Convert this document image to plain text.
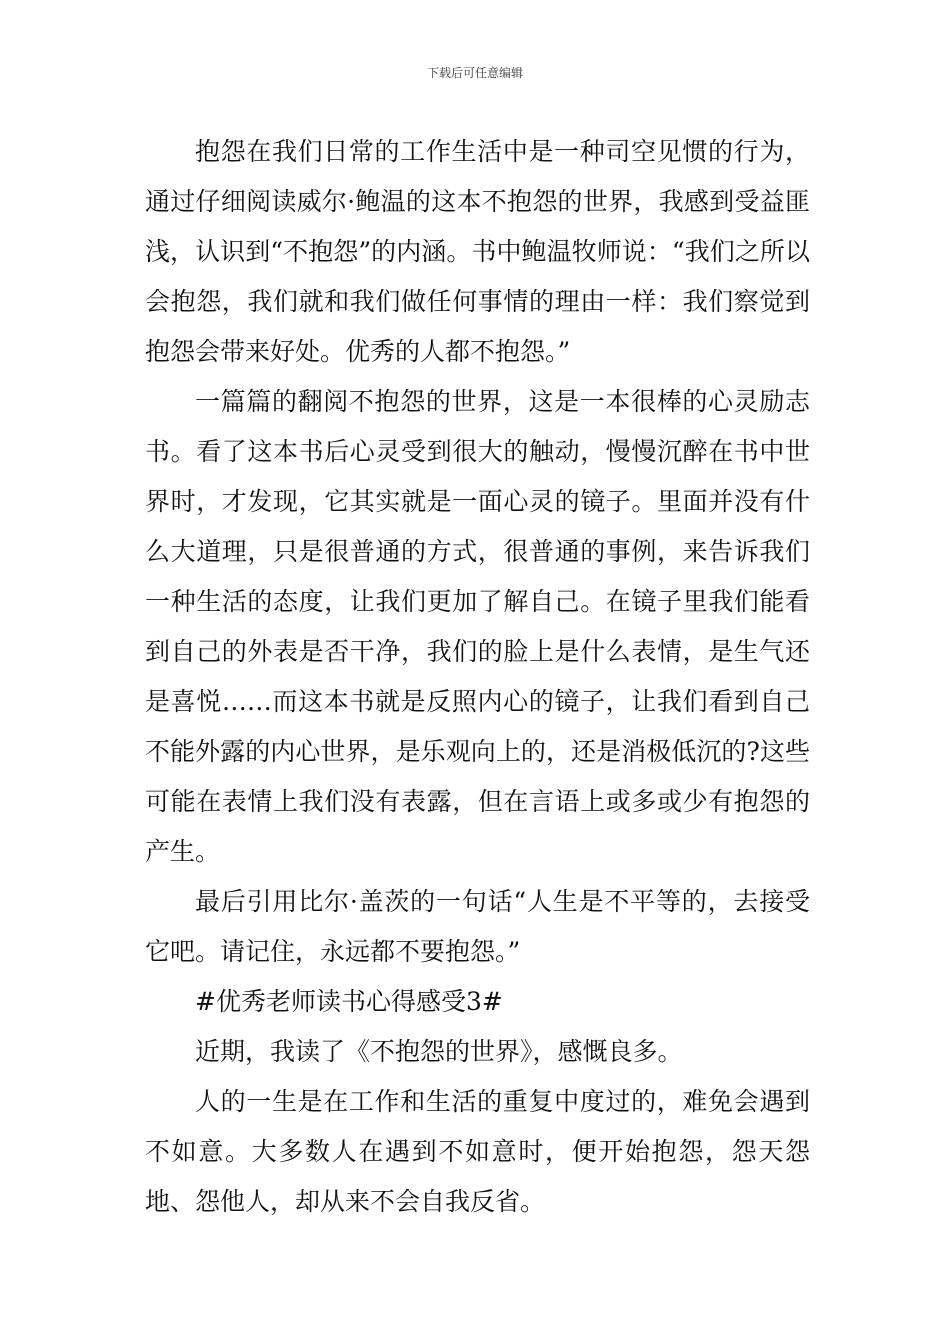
下载后可任意编辑

抱怨在我们日常的工作生活中是一种司空见惯的行为，通过仔细阅读威尔·鲍温的这本不抱怨的世界，我感到受益匪浅，认识到“不抱怨”的内涵。书中鲍温牧师说：“我们之所以会抱怨，我们就和我们做任何事情的理由一样：我们察觉到抱怨会带来好处。优秀的人都不抱怨。”

一篇篇的翻阅不抱怨的世界，这是一本很棒的心灵励志书。看了这本书后心灵受到很大的触动，慢慢沉醉在书中世界时，才发现，它其实就是一面心灵的镜子。里面并没有什么大道理，只是很普通的方式，很普通的事例，来告诉我们一种生活的态度，让我们更加了解自己。在镜子里我们能看到自己的外表是否干净，我们的脸上是什么表情，是生气还是喜悦……而这本书就是反照内心的镜子，让我们看到自己不能外露的内心世界，是乐观向上的，还是消极低沉的?这些可能在表情上我们没有表露，但在言语上或多或少有抱怨的产生。

最后引用比尔·盖茨的一句话“人生是不平等的，去接受它吧。请记住，永远都不要抱怨。”

#优秀老师读书心得感受3#

近期，我读了《不抱怨的世界》，感慨良多。

人的一生是在工作和生活的重复中度过的，难免会遇到不如意。大多数人在遇到不如意时，便开始抱怨，怨天怨地、怨他人，却从来不会自我反省。
